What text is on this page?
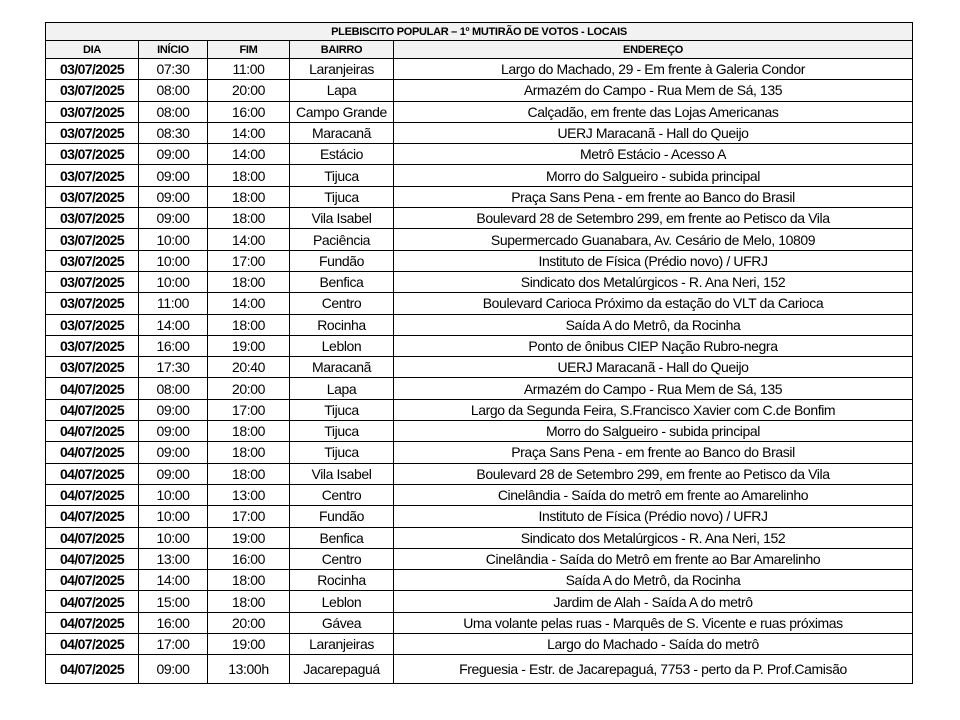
PLEBISCITO POPULAR – 1º MUTIRÃO DE VOTOS - LOCAIS				
DIA	INÍCIO	FIM	BAIRRO	ENDEREÇO
03/07/2025	07:30	11:00	Laranjeiras	Largo do Machado, 29 - Em frente à Galeria Condor
03/07/2025	08:00	20:00	Lapa	Armazém do Campo - Rua Mem de Sá, 135
03/07/2025	08:00	16:00	Campo Grande	Calçadão, em frente das Lojas Americanas
03/07/2025	08:30	14:00	Maracanã	UERJ Maracanã - Hall do Queijo
03/07/2025	09:00	14:00	Estácio	Metrô Estácio - Acesso A
03/07/2025	09:00	18:00	Tijuca	Morro do Salgueiro - subida principal
03/07/2025	09:00	18:00	Tijuca	Praça Sans Pena - em frente ao Banco do Brasil
03/07/2025	09:00	18:00	Vila Isabel	Boulevard 28 de Setembro 299, em frente ao Petisco da Vila
03/07/2025	10:00	14:00	Paciência	Supermercado Guanabara, Av. Cesário de Melo, 10809
03/07/2025	10:00	17:00	Fundão	Instituto de Física (Prédio novo) / UFRJ
03/07/2025	10:00	18:00	Benfica	Sindicato dos Metalúrgicos - R. Ana Neri, 152
03/07/2025	11:00	14:00	Centro	Boulevard Carioca Próximo da estação do VLT da Carioca
03/07/2025	14:00	18:00	Rocinha	Saída A do Metrô, da Rocinha
03/07/2025	16:00	19:00	Leblon	Ponto de ônibus CIEP Nação Rubro-negra
03/07/2025	17:30	20:40	Maracanã	UERJ Maracanã - Hall do Queijo
04/07/2025	08:00	20:00	Lapa	Armazém do Campo - Rua Mem de Sá, 135
04/07/2025	09:00	17:00	Tijuca	Largo da Segunda Feira, S.Francisco Xavier com C.de Bonfim
04/07/2025	09:00	18:00	Tijuca	Morro do Salgueiro - subida principal
04/07/2025	09:00	18:00	Tijuca	Praça Sans Pena - em frente ao Banco do Brasil
04/07/2025	09:00	18:00	Vila Isabel	Boulevard 28 de Setembro 299, em frente ao Petisco da Vila
04/07/2025	10:00	13:00	Centro	Cinelândia - Saída do metrô em frente ao Amarelinho
04/07/2025	10:00	17:00	Fundão	Instituto de Física (Prédio novo) / UFRJ
04/07/2025	10:00	19:00	Benfica	Sindicato dos Metalúrgicos - R. Ana Neri, 152
04/07/2025	13:00	16:00	Centro	Cinelândia - Saída do Metrô em frente ao Bar Amarelinho
04/07/2025	14:00	18:00	Rocinha	Saída A do Metrô, da Rocinha
04/07/2025	15:00	18:00	Leblon	Jardim de Alah - Saída A do metrô
04/07/2025	16:00	20:00	Gávea	Uma volante pelas ruas - Marquês de S. Vicente e ruas próximas
04/07/2025	17:00	19:00	Laranjeiras	Largo do Machado - Saída do metrô
04/07/2025	09:00	13:00h	Jacarepaguá	Freguesia - Estr. de Jacarepaguá, 7753 - perto da P. Prof.Camisão
